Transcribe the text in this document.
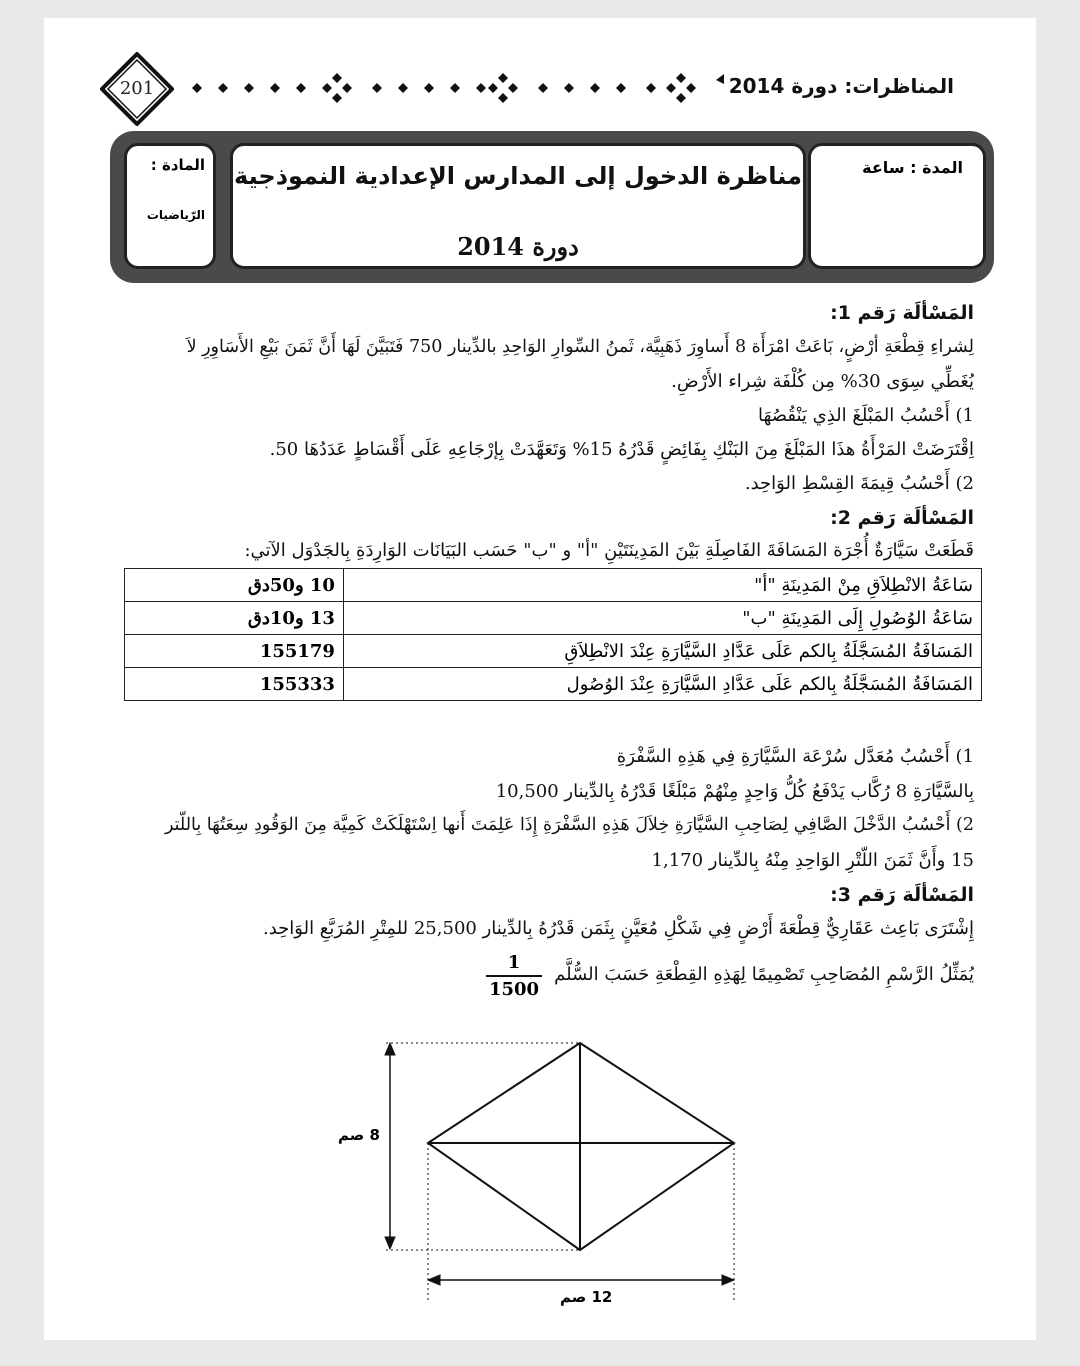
201	المناظرات: دورة 2014
المادة :
الرّياضيات
مناظرة الدخول إلى المدارس الإعدادية النموذجية
دورة 2014
المدة : ساعة
المَسْألَة رَقم 1:
لِشراءِ قِطْعَةِ أرْضٍ، بَاعَتْ امْرَأَة 8 أَساوِرَ ذَهَبِيَّة، ثَمنُ السِّوارِ الوَاحِدِ بالدِّينار 750 فَتَبَيَّنَ لَهَا أَنَّ ثَمَنَ بَيْعِ الأَسَاوِرِ لاَ
يُغَطِّي سِوَى 30% مِن كُلْفَة شِراء الأَرْضِ.
1) أَحْسُبُ المَبْلَغَ الذِي يَنْقُصُهَا
اِقْتَرَضَتْ المَرْأَةُ هذَا المَبْلَغَ مِنَ البَنْكِ بِفَائِضٍ قَدْرُهُ 15% وَتَعَهَّدَتْ بِإرْجَاعِهِ عَلَى أَقْسَاطٍ عَدَدُهَا 50.
2) أَحْسُبُ قِيمَةَ القِسْطِ الوَاحِد.
المَسْألَة رَقم 2:
قَطَعَتْ سَيَّارَةٌ أُجْرَة المَسَافَةَ الفَاصِلَةِ بَيْنَ المَدِينَتَيْنِ "أ" و "ب" حَسَب البَيَانَات الوَارِدَةِ بِالجَدْوَل الآتي:
سَاعَةُ الانْطِلاَقِ مِنْ المَدِينَةِ "أ"	10 و50دق
سَاعَةُ الوُصُولِ إِلَى المَدِينَةِ "ب"	13 و10دق
المَسَافَةُ المُسَجَّلَةُ بِالكم عَلَى عَدَّادِ السَّيَّارَةِ عِنْدَ الانْطِلاَقِ	155179
المَسَافَةُ المُسَجَّلَةُ بِالكم عَلَى عَدَّادِ السَّيَّارَةِ عِنْدَ الوُصُول	155333
1) أَحْسُبُ مُعَدَّل سُرْعَة السَّيَّارَةِ فِي هَذِهِ السَّفْرَةِ
بِالسَّيَّارَةِ 8 رُكَّاب يَدْفَعُ كُلُّ وَاحِدٍ مِنْهُمْ مَبْلَغًا قَدْرُهُ بِالدِّينار 10,500
2) أَحْسُبُ الدَّخْلَ الصَّافِي لِصَاحِبِ السَّيَّارَةِ خِلاَلَ هَذِهِ السَّفْرَةِ إِذَا عَلِمَتَ أَنها اِسْتَهْلَكَتْ كَمِيَّة مِنَ الوَقُودِ سِعَتُهَا بِاللّتر
15 وأَنَّ ثَمَنَ اللّتْرِ الوَاحِدِ مِنْهُ بِالدِّينار 1,170
المَسْألَة رَقم 3:
إِشْتَرَى بَاعِث عَقَارِيٌّ قِطْعَةَ أَرْضٍ فِي شَكْلِ مُعَيَّنٍ بِثَمَن قَدْرُهُ بِالدِّينار 25,500 للمِتْرِ المُرَبَّعِ الوَاحِد.
يُمَثِّلُ الرَّسْمِ المُصَاحِبِ تَصْمِيمًا لِهَذِهِ القِطْعَةِ حَسَبَ السُّلَّم
$\frac{1}{1500}$
8 صم
12 صم
